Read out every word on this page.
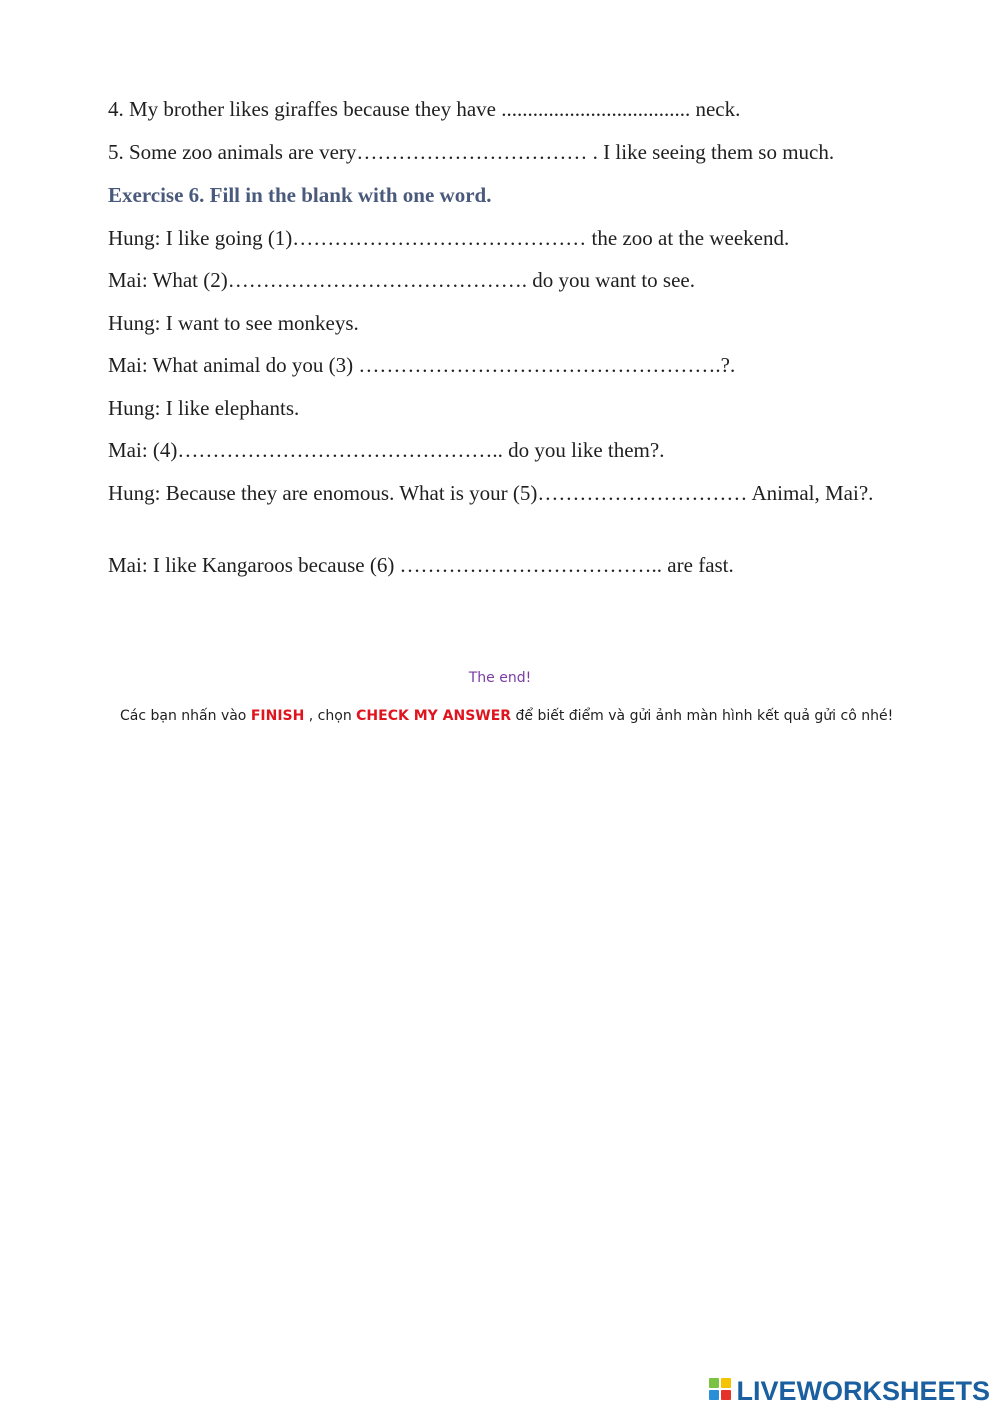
4. My brother likes giraffes because they have .................................... neck.
5. Some zoo animals are very…………………………… . I like seeing them so much.
Exercise 6. Fill in the blank with one word.
Hung: I like going (1)…………………………………… the zoo at the weekend.
Mai: What (2)……………………………………. do you want to see.
Hung: I want to see monkeys.
Mai: What animal do you (3) …………………………………………….?.
Hung: I like elephants.
Mai: (4)……………………………………….. do you like them?.
Hung: Because they are enomous. What is your (5)………………………… Animal, Mai?.
Mai: I like Kangaroos because (6) ……………………………….. are fast.
The end!
Các bạn nhấn vào FINISH , chọn CHECK MY ANSWER để biết điểm và gửi ảnh màn hình kết quả gửi cô nhé!
LIVEWORKSHEETS
